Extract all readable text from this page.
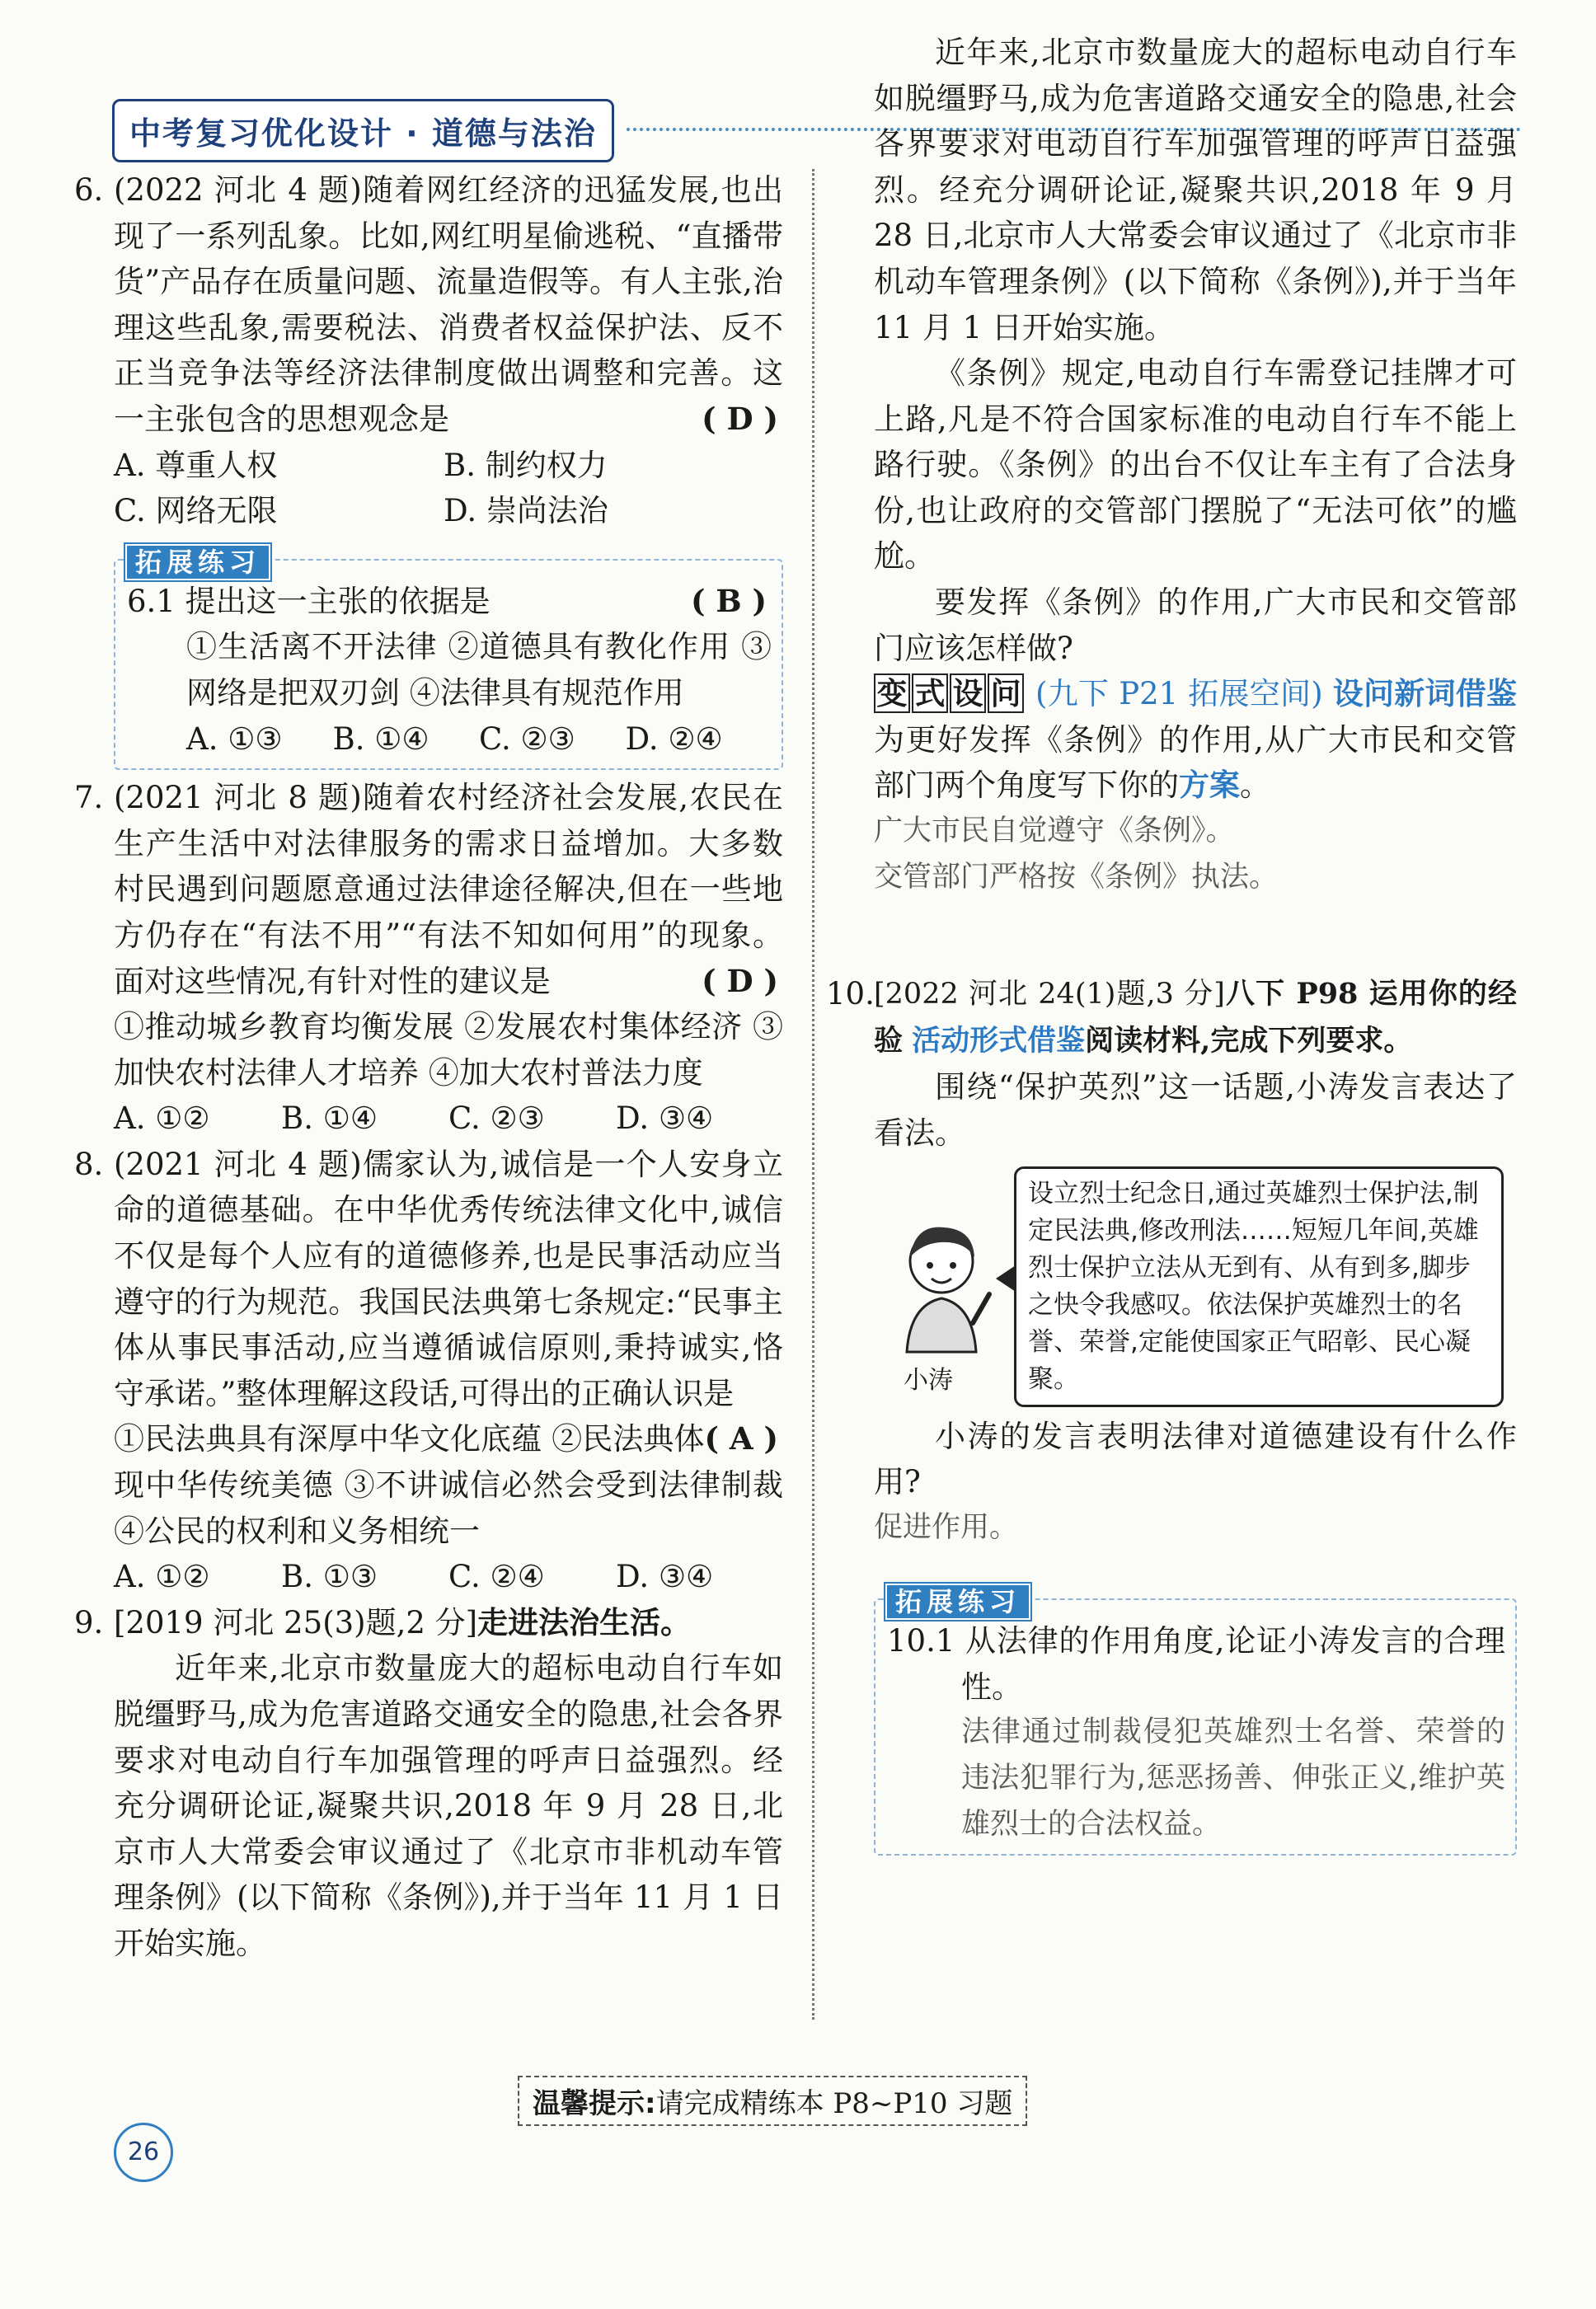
中考复习优化设计 · 道德与法治
6. (2022 河北 4 题)随着网红经济的迅猛发展,也出现了一系列乱象。比如,网红明星偷逃税、“直播带货”产品存在质量问题、流量造假等。有人主张,治理这些乱象,需要税法、消费者权益保护法、反不正当竞争法等经济法律制度做出调整和完善。这一主张包含的思想观念是	( D )

A. 尊重人权	B. 制约权力
C. 网络无限	D. 崇尚法治
拓展练习

6.1 提出这一主张的依据是	( B )

①生活离不开法律 ②道德具有教化作用 ③网络是把双刃剑 ④法律具有规范作用

A. ①③	B. ①④	C. ②③	D. ②④
7. (2021 河北 8 题)随着农村经济社会发展,农民在生产生活中对法律服务的需求日益增加。大多数村民遇到问题愿意通过法律途径解决,但在一些地方仍存在“有法不用”“有法不知如何用”的现象。面对这些情况,有针对性的建议是	( D )

①推动城乡教育均衡发展 ②发展农村集体经济 ③加快农村法律人才培养 ④加大农村普法力度

A. ①②	B. ①④	C. ②③	D. ③④
8. (2021 河北 4 题)儒家认为,诚信是一个人安身立命的道德基础。在中华优秀传统法律文化中,诚信不仅是每个人应有的道德修养,也是民事活动应当遵守的行为规范。我国民法典第七条规定:“民事主体从事民事活动,应当遵循诚信原则,秉持诚实,恪守承诺。”整体理解这段话,可得出的正确认识是
( A )

①民法典具有深厚中华文化底蕴 ②民法典体现中华传统美德 ③不讲诚信必然会受到法律制裁 ④公民的权利和义务相统一

A. ①②	B. ①③	C. ②④	D. ③④
9. [2019 河北 25(3)题,2 分]走进法治生活。

近年来,北京市数量庞大的超标电动自行车如脱缰野马,成为危害道路交通安全的隐患,社会各界要求对电动自行车加强管理的呼声日益强烈。经充分调研论证,凝聚共识,2018 年 9 月 28 日,北京市人大常委会审议通过了《北京市非机动车管理条例》(以下简称《条例》),并于当年 11 月 1 日开始实施。

近年来,北京市数量庞大的超标电动自行车如脱缰野马,成为危害道路交通安全的隐患,社会各界要求对电动自行车加强管理的呼声日益强烈。经充分调研论证,凝聚共识,2018 年 9 月 28 日,北京市人大常委会审议通过了《北京市非机动车管理条例》(以下简称《条例》),并于当年 11 月 1 日开始实施。

《条例》规定,电动自行车需登记挂牌才可上路,凡是不符合国家标准的电动自行车不能上路行驶。《条例》的出台不仅让车主有了合法身份,也让政府的交管部门摆脱了“无法可依”的尴尬。

要发挥《条例》的作用,广大市民和交管部门应该怎样做?

变 式 设 问 (九下 P21 拓展空间) 设问新词借鉴为更好发挥《条例》的作用,从广大市民和交管部门两个角度写下你的方案。

广大市民自觉遵守《条例》。

交管部门严格按《条例》执法。

10. [2022 河北 24(1)题,3 分]八下 P98 运用你的经验 活动形式借鉴阅读材料,完成下列要求。

围绕“保护英烈”这一话题,小涛发言表达了看法。

小涛
设立烈士纪念日,通过英雄烈士保护法,制定民法典,修改刑法……短短几年间,英雄烈士保护立法从无到有、从有到多,脚步之快令我感叹。依法保护英雄烈士的名誉、荣誉,定能使国家正气昭彰、民心凝聚。

小涛的发言表明法律对道德建设有什么作用?

促进作用。

拓展练习

10.1 从法律的作用角度,论证小涛发言的合理性。

法律通过制裁侵犯英雄烈士名誉、荣誉的违法犯罪行为,惩恶扬善、伸张正义,维护英雄烈士的合法权益。

温馨提示:请完成精练本 P8~P10 习题
26
